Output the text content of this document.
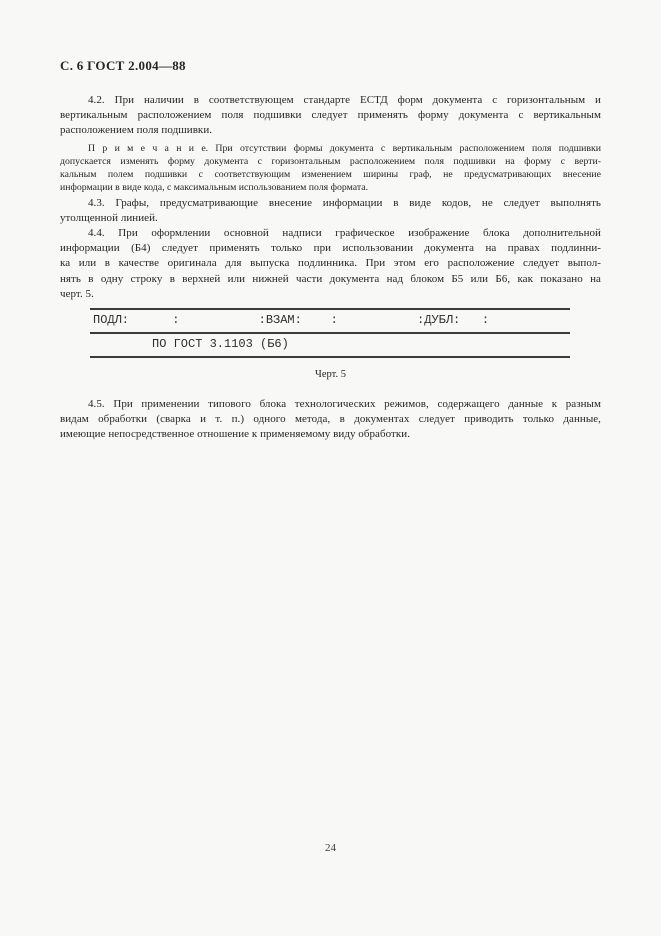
С. 6 ГОСТ 2.004—88
4.2. При наличии в соответствующем стандарте ЕСТД форм документа с горизонтальным и
вертикальным расположением поля подшивки следует применять форму документа с вертикальным
расположением поля подшивки.
П р и м е ч а н и е. При отсутствии формы документа с вертикальным расположением поля подшивки
допускается изменять форму документа с горизонтальным расположением поля подшивки на форму с верти-
кальным полем подшивки с соответствующим изменением ширины граф, не предусматривающих внесение
информации в виде кода, с максимальным использованием поля формата.
4.3. Графы, предусматривающие внесение информации в виде кодов, не следует выполнять
утолщенной линией.
4.4. При оформлении основной надписи графическое изображение блока дополнительной
информации (Б4) следует применять только при использовании документа на правах подлинни-
ка или в качестве оригинала для выпуска подлинника. При этом его расположение следует выпол-
нять в одну строку в верхней или нижней части документа над блоком Б5 или Б6, как показано на
черт. 5.
ПОДЛ:      :           :ВЗАМ:    :           :ДУБЛ:   :
ПО ГОСТ 3.1103 (Б6)
Черт. 5
4.5. При применении типового блока технологических режимов, содержащего данные к разным
видам обработки (сварка и т. п.) одного метода, в документах следует приводить только данные,
имеющие непосредственное отношение к применяемому виду обработки.
24
